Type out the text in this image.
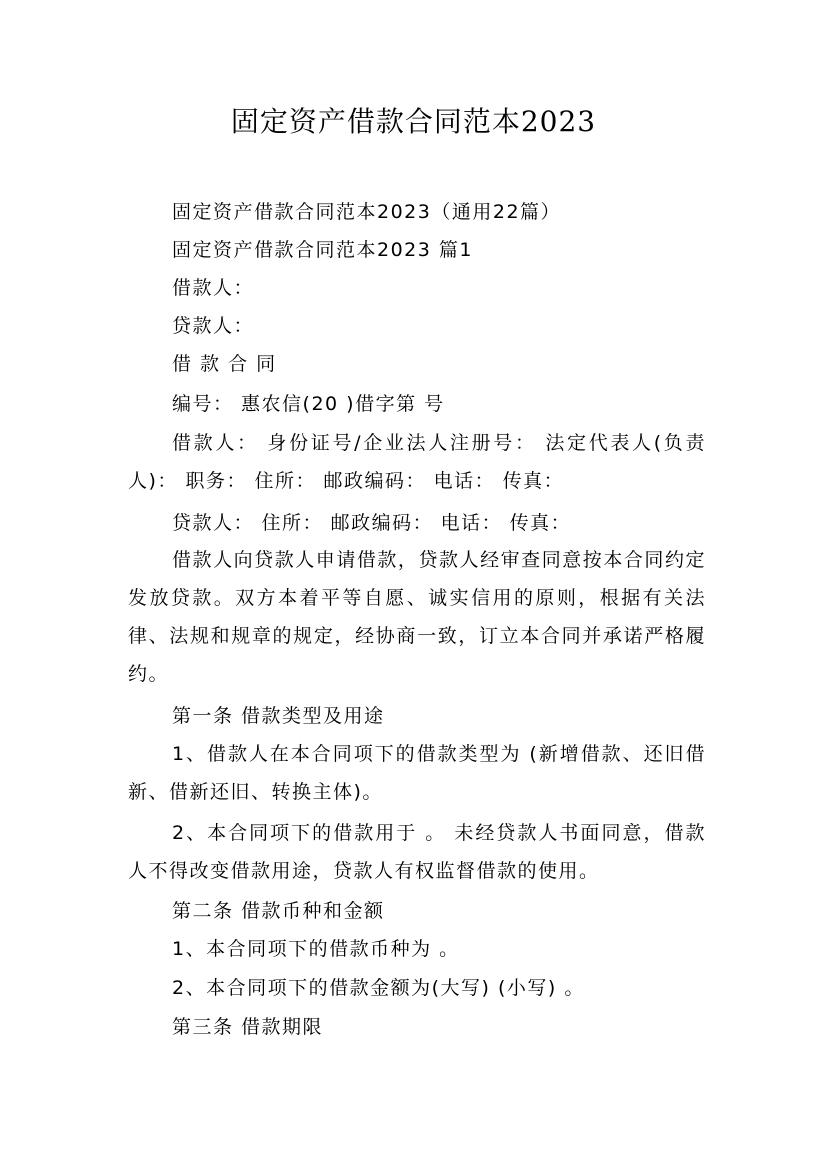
固定资产借款合同范本2023
固定资产借款合同范本2023（通用22篇）
固定资产借款合同范本2023 篇1
借款人：
贷款人：
借 款 合 同
编号： 惠农信(20 )借字第 号
借款人： 身份证号/企业法人注册号： 法定代表人(负责人)： 职务： 住所： 邮政编码： 电话： 传真：
贷款人： 住所： 邮政编码： 电话： 传真：
借款人向贷款人申请借款，贷款人经审查同意按本合同约定发放贷款。双方本着平等自愿、诚实信用的原则，根据有关法律、法规和规章的规定，经协商一致，订立本合同并承诺严格履约。
第一条 借款类型及用途
1、借款人在本合同项下的借款类型为 (新增借款、还旧借新、借新还旧、转换主体)。
2、本合同项下的借款用于 。 未经贷款人书面同意，借款人不得改变借款用途，贷款人有权监督借款的使用。
第二条 借款币种和金额
1、本合同项下的借款币种为 。
2、本合同项下的借款金额为(大写) (小写) 。
第三条 借款期限
